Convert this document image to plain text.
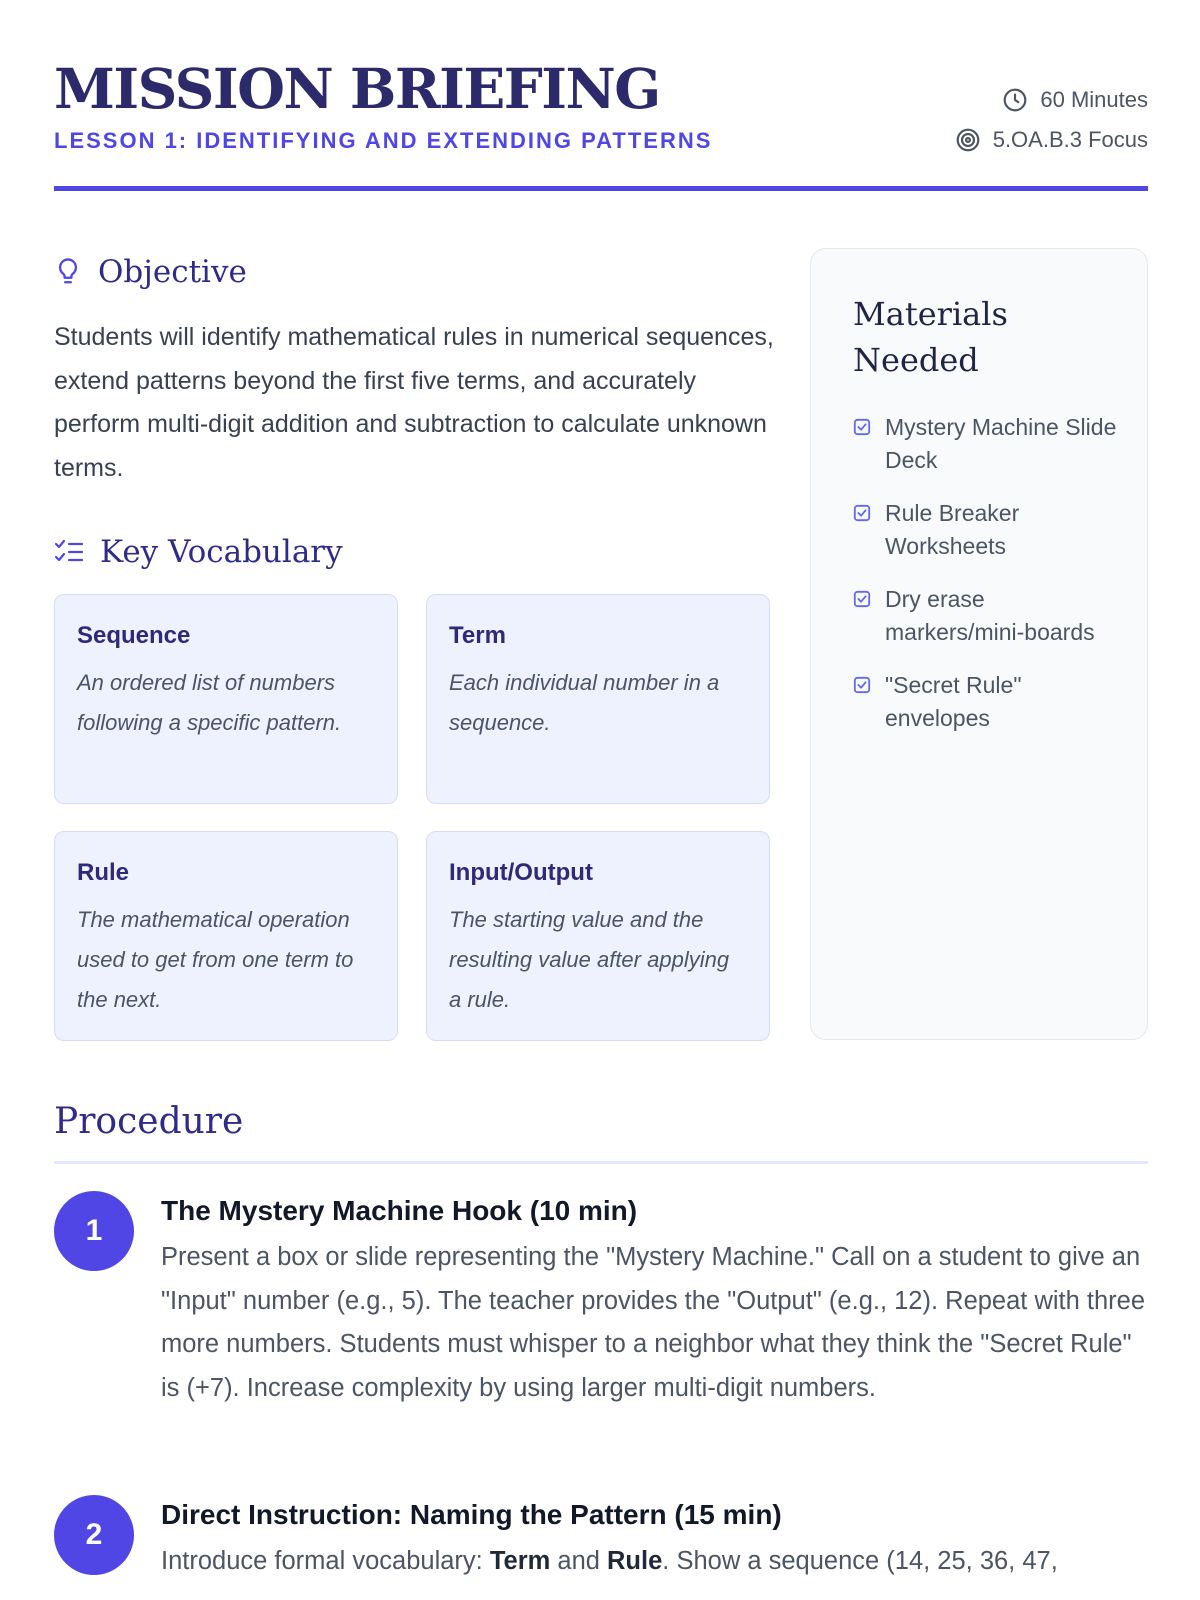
MISSION BRIEFING
LESSON 1: IDENTIFYING AND EXTENDING PATTERNS
60 Minutes
5.OA.B.3 Focus
Objective

Students will identify mathematical rules in numerical sequences, extend patterns beyond the first five terms, and accurately perform multi-digit addition and subtraction to calculate unknown terms.

Key Vocabulary
Sequence
An ordered list of numbers following a specific pattern.
Term
Each individual number in a sequence.
Rule
The mathematical operation used to get from one term to the next.
Input/Output
The starting value and the resulting value after applying a rule.
Materials Needed
Mystery Machine Slide Deck
Rule Breaker Worksheets
Dry erase markers/mini-boards
"Secret Rule" envelopes
Procedure
1
The Mystery Machine Hook (10 min)

Present a box or slide representing the "Mystery Machine." Call on a student to give an "Input" number (e.g., 5). The teacher provides the "Output" (e.g., 12). Repeat with three more numbers. Students must whisper to a neighbor what they think the "Secret Rule" is (+7). Increase complexity by using larger multi-digit numbers.

2
Direct Instruction: Naming the Pattern (15 min)

Introduce formal vocabulary: Term and Rule. Show a sequence (14, 25, 36, 47,
